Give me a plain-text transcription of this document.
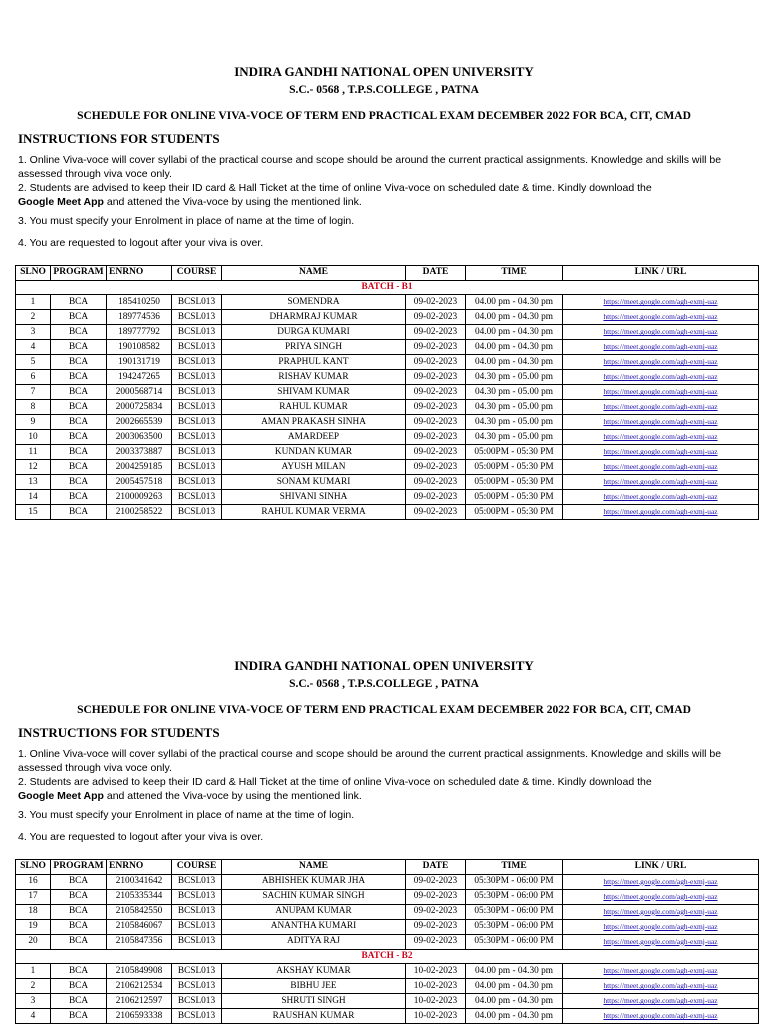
INDIRA GANDHI NATIONAL OPEN UNIVERSITY
S.C.- 0568 , T.P.S.COLLEGE , PATNA
SCHEDULE FOR ONLINE VIVA-VOCE OF TERM END PRACTICAL EXAM DECEMBER 2022 FOR BCA, CIT, CMAD
INSTRUCTIONS FOR STUDENTS
1. Online Viva-voce will cover syllabi of the practical course and scope should be around the current practical assignments. Knowledge and skills will be assessed through viva voce only.
2. Students are advised to keep their ID card & Hall Ticket at the time of online Viva-voce on scheduled date & time. Kindly download the
Google Meet App and attened the Viva-voce by using the mentioned link.
3. You must specify your Enrolment in place of name at the time of login.
4. You are requested to logout after your viva is over.
SLNO	PROGRAM	ENRNO	COURSE	NAME	DATE	TIME	LINK / URL
BATCH - B1							
1	BCA	185410250	BCSL013	SOMENDRA	09-02-2023	04.00 pm - 04.30 pm	https://meet.google.com/agh-exmj-uaz
2	BCA	189774536	BCSL013	DHARMRAJ KUMAR	09-02-2023	04.00 pm - 04.30 pm	https://meet.google.com/agh-exmj-uaz
3	BCA	189777792	BCSL013	DURGA KUMARI	09-02-2023	04.00 pm - 04.30 pm	https://meet.google.com/agh-exmj-uaz
4	BCA	190108582	BCSL013	PRIYA SINGH	09-02-2023	04.00 pm - 04.30 pm	https://meet.google.com/agh-exmj-uaz
5	BCA	190131719	BCSL013	PRAPHUL KANT	09-02-2023	04.00 pm - 04.30 pm	https://meet.google.com/agh-exmj-uaz
6	BCA	194247265	BCSL013	RISHAV KUMAR	09-02-2023	04.30 pm - 05.00 pm	https://meet.google.com/agh-exmj-uaz
7	BCA	2000568714	BCSL013	SHIVAM KUMAR	09-02-2023	04.30 pm - 05.00 pm	https://meet.google.com/agh-exmj-uaz
8	BCA	2000725834	BCSL013	RAHUL KUMAR	09-02-2023	04.30 pm - 05.00 pm	https://meet.google.com/agh-exmj-uaz
9	BCA	2002665539	BCSL013	AMAN PRAKASH SINHA	09-02-2023	04.30 pm - 05.00 pm	https://meet.google.com/agh-exmj-uaz
10	BCA	2003063500	BCSL013	AMARDEEP	09-02-2023	04.30 pm - 05.00 pm	https://meet.google.com/agh-exmj-uaz
11	BCA	2003373887	BCSL013	KUNDAN KUMAR	09-02-2023	05:00PM - 05:30 PM	https://meet.google.com/agh-exmj-uaz
12	BCA	2004259185	BCSL013	AYUSH MILAN	09-02-2023	05:00PM - 05:30 PM	https://meet.google.com/agh-exmj-uaz
13	BCA	2005457518	BCSL013	SONAM KUMARI	09-02-2023	05:00PM - 05:30 PM	https://meet.google.com/agh-exmj-uaz
14	BCA	2100009263	BCSL013	SHIVANI SINHA	09-02-2023	05:00PM - 05:30 PM	https://meet.google.com/agh-exmj-uaz
15	BCA	2100258522	BCSL013	RAHUL KUMAR VERMA	09-02-2023	05:00PM - 05:30 PM	https://meet.google.com/agh-exmj-uaz
INDIRA GANDHI NATIONAL OPEN UNIVERSITY
S.C.- 0568 , T.P.S.COLLEGE , PATNA
SCHEDULE FOR ONLINE VIVA-VOCE OF TERM END PRACTICAL EXAM DECEMBER 2022 FOR BCA, CIT, CMAD
INSTRUCTIONS FOR STUDENTS
1. Online Viva-voce will cover syllabi of the practical course and scope should be around the current practical assignments. Knowledge and skills will be assessed through viva voce only.
2. Students are advised to keep their ID card & Hall Ticket at the time of online Viva-voce on scheduled date & time. Kindly download the
Google Meet App and attened the Viva-voce by using the mentioned link.
3. You must specify your Enrolment in place of name at the time of login.
4. You are requested to logout after your viva is over.
SLNO	PROGRAM	ENRNO	COURSE	NAME	DATE	TIME	LINK / URL
16	BCA	2100341642	BCSL013	ABHISHEK KUMAR JHA	09-02-2023	05:30PM - 06:00 PM	https://meet.google.com/agh-exmj-uaz
17	BCA	2105335344	BCSL013	SACHIN KUMAR SINGH	09-02-2023	05:30PM - 06:00 PM	https://meet.google.com/agh-exmj-uaz
18	BCA	2105842550	BCSL013	ANUPAM KUMAR	09-02-2023	05:30PM - 06:00 PM	https://meet.google.com/agh-exmj-uaz
19	BCA	2105846067	BCSL013	ANANTHA KUMARI	09-02-2023	05:30PM - 06:00 PM	https://meet.google.com/agh-exmj-uaz
20	BCA	2105847356	BCSL013	ADITYA RAJ	09-02-2023	05:30PM - 06:00 PM	https://meet.google.com/agh-exmj-uaz
BATCH - B2							
1	BCA	2105849908	BCSL013	AKSHAY KUMAR	10-02-2023	04.00 pm - 04.30 pm	https://meet.google.com/agh-exmj-uaz
2	BCA	2106212534	BCSL013	BIBHU JEE	10-02-2023	04.00 pm - 04.30 pm	https://meet.google.com/agh-exmj-uaz
3	BCA	2106212597	BCSL013	SHRUTI SINGH	10-02-2023	04.00 pm - 04.30 pm	https://meet.google.com/agh-exmj-uaz
4	BCA	2106593338	BCSL013	RAUSHAN KUMAR	10-02-2023	04.00 pm - 04.30 pm	https://meet.google.com/agh-exmj-uaz
